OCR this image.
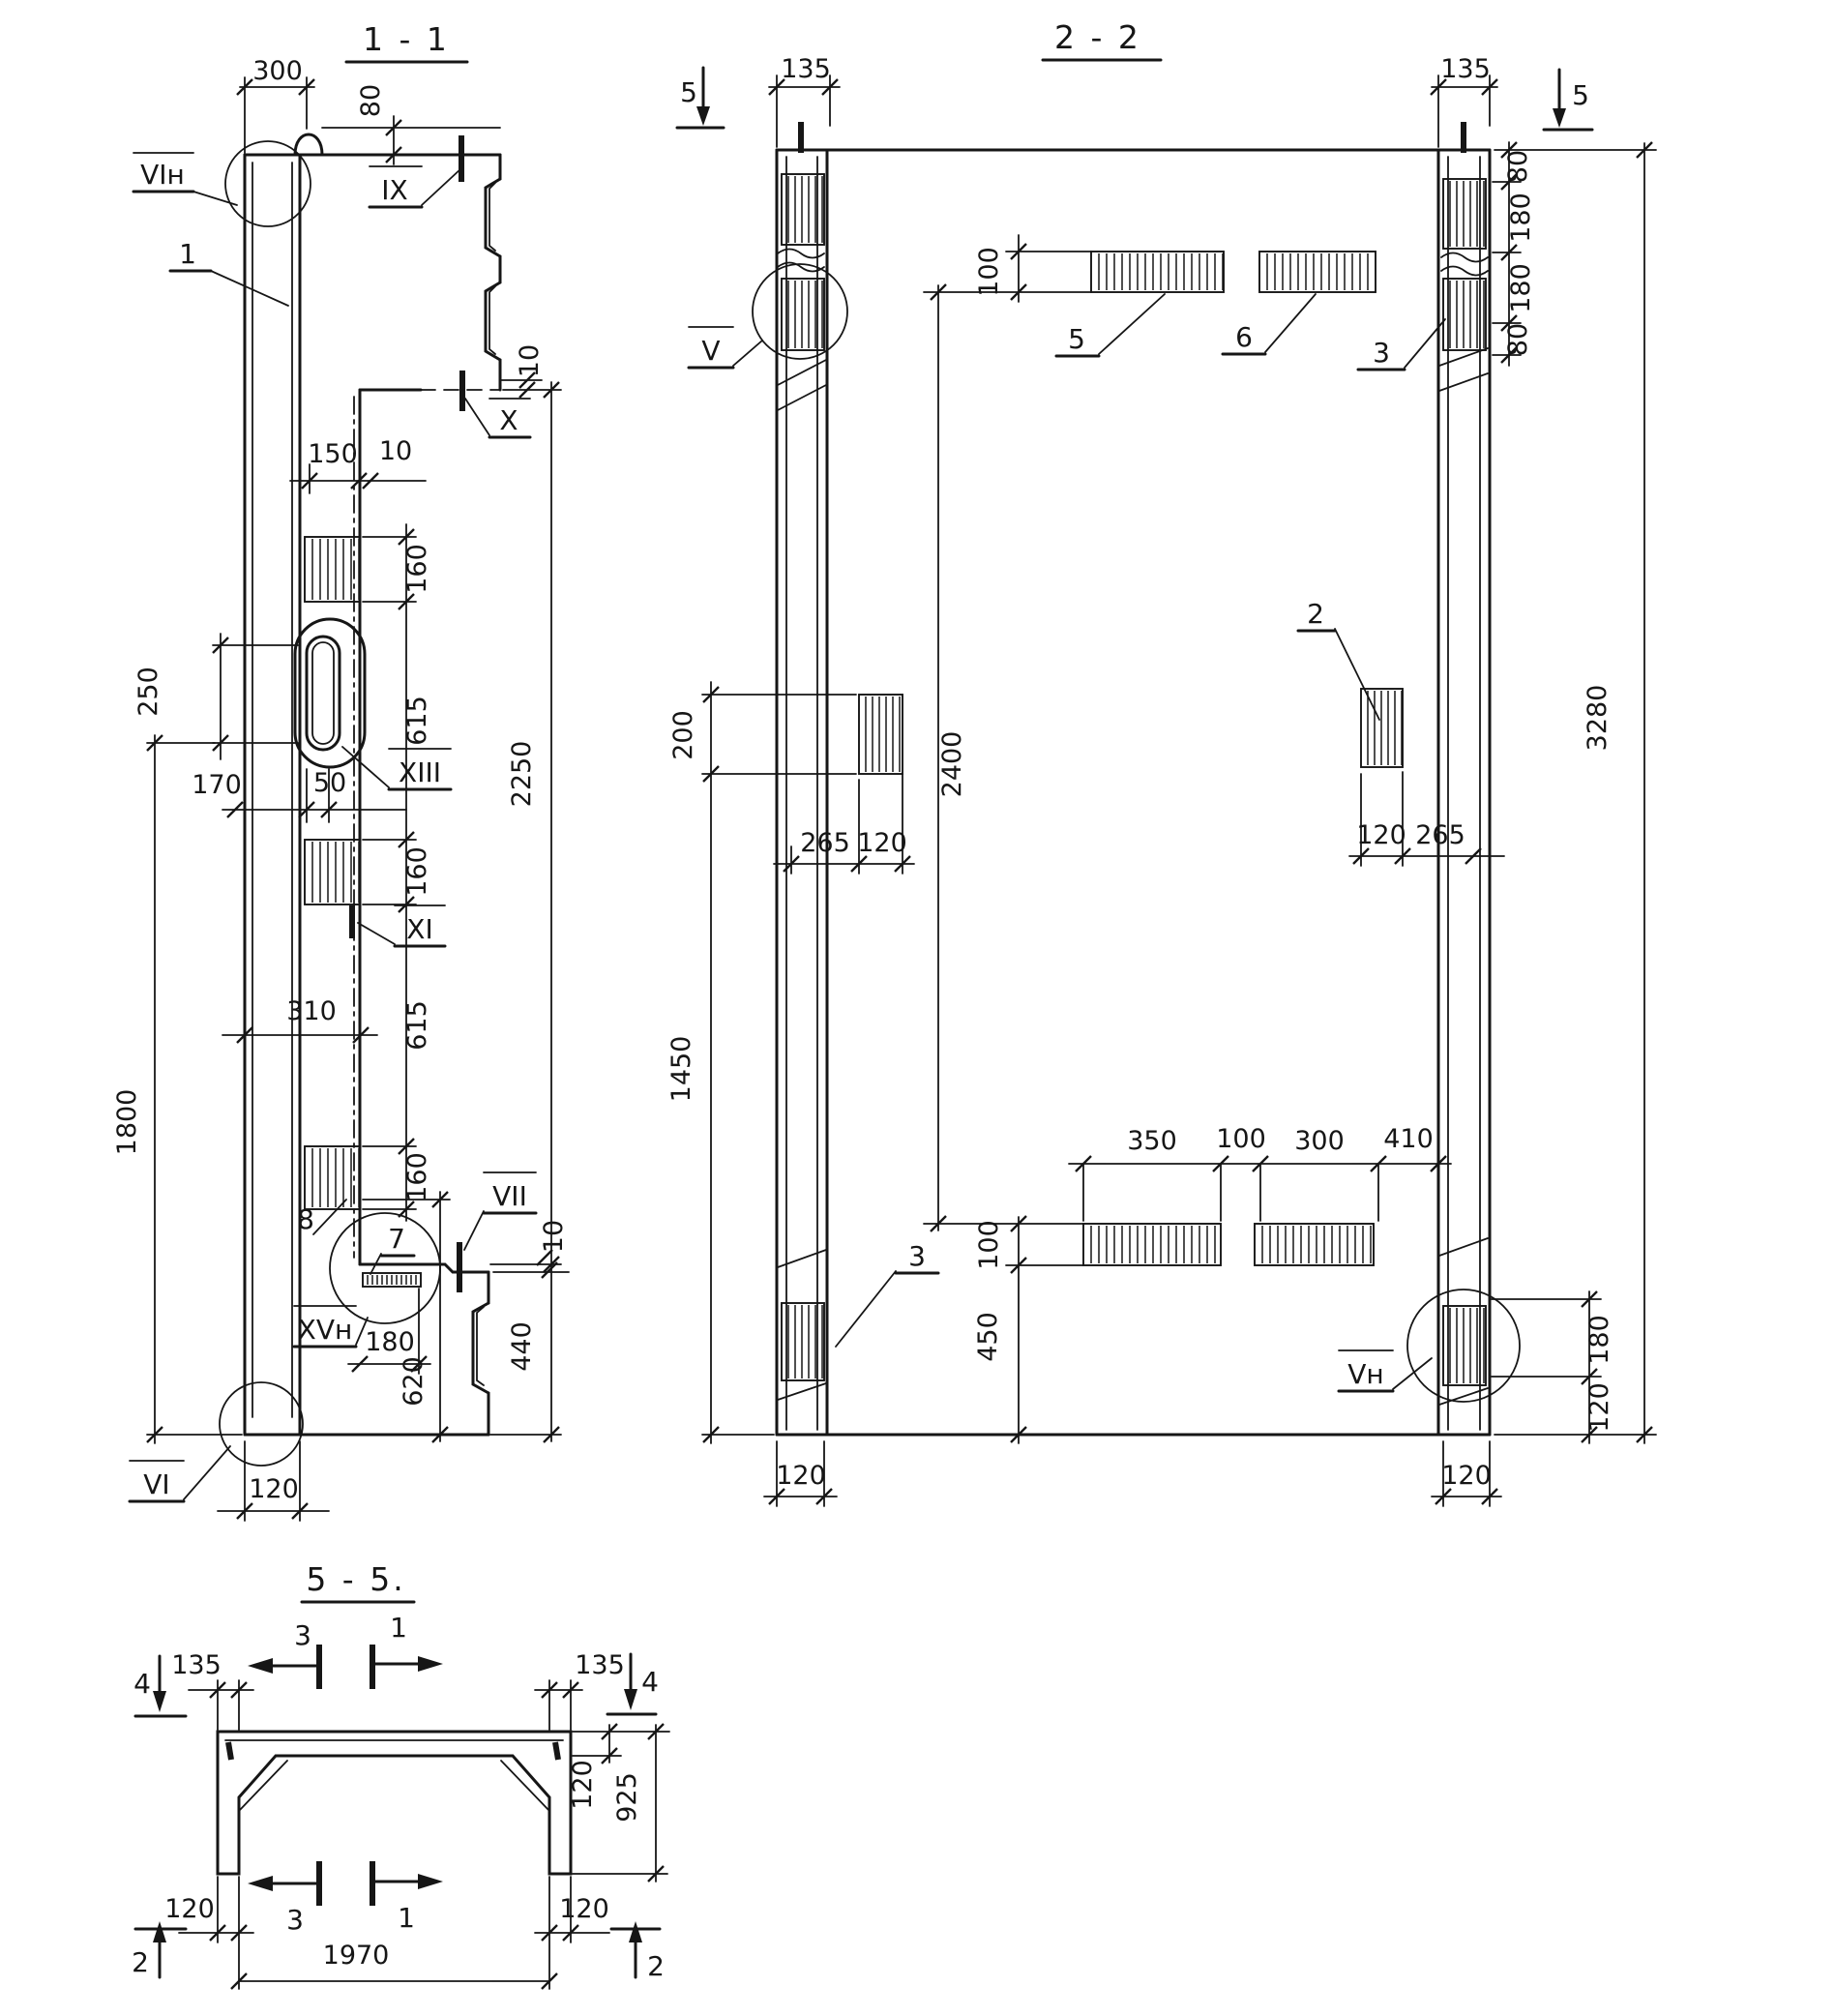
1 - 1
300
80
10
VIн	IX
X
1
150 10
160
615
160
615
160
2250
250
170	50 XIII
XI
310
1800
8
7
VII
XVн 180
620
440
10
VI	120
2 - 2
135	135
5	5
80
180
180
80
3280
100
5	6
V	3
2
200	2400
265 120	120 265
1450
350 100 300 410
100
450
3
Vн
180
120
120	120
5 - 5.
3	1
4	4
135	135
120 925
120	120
1970
3	1
2	2
